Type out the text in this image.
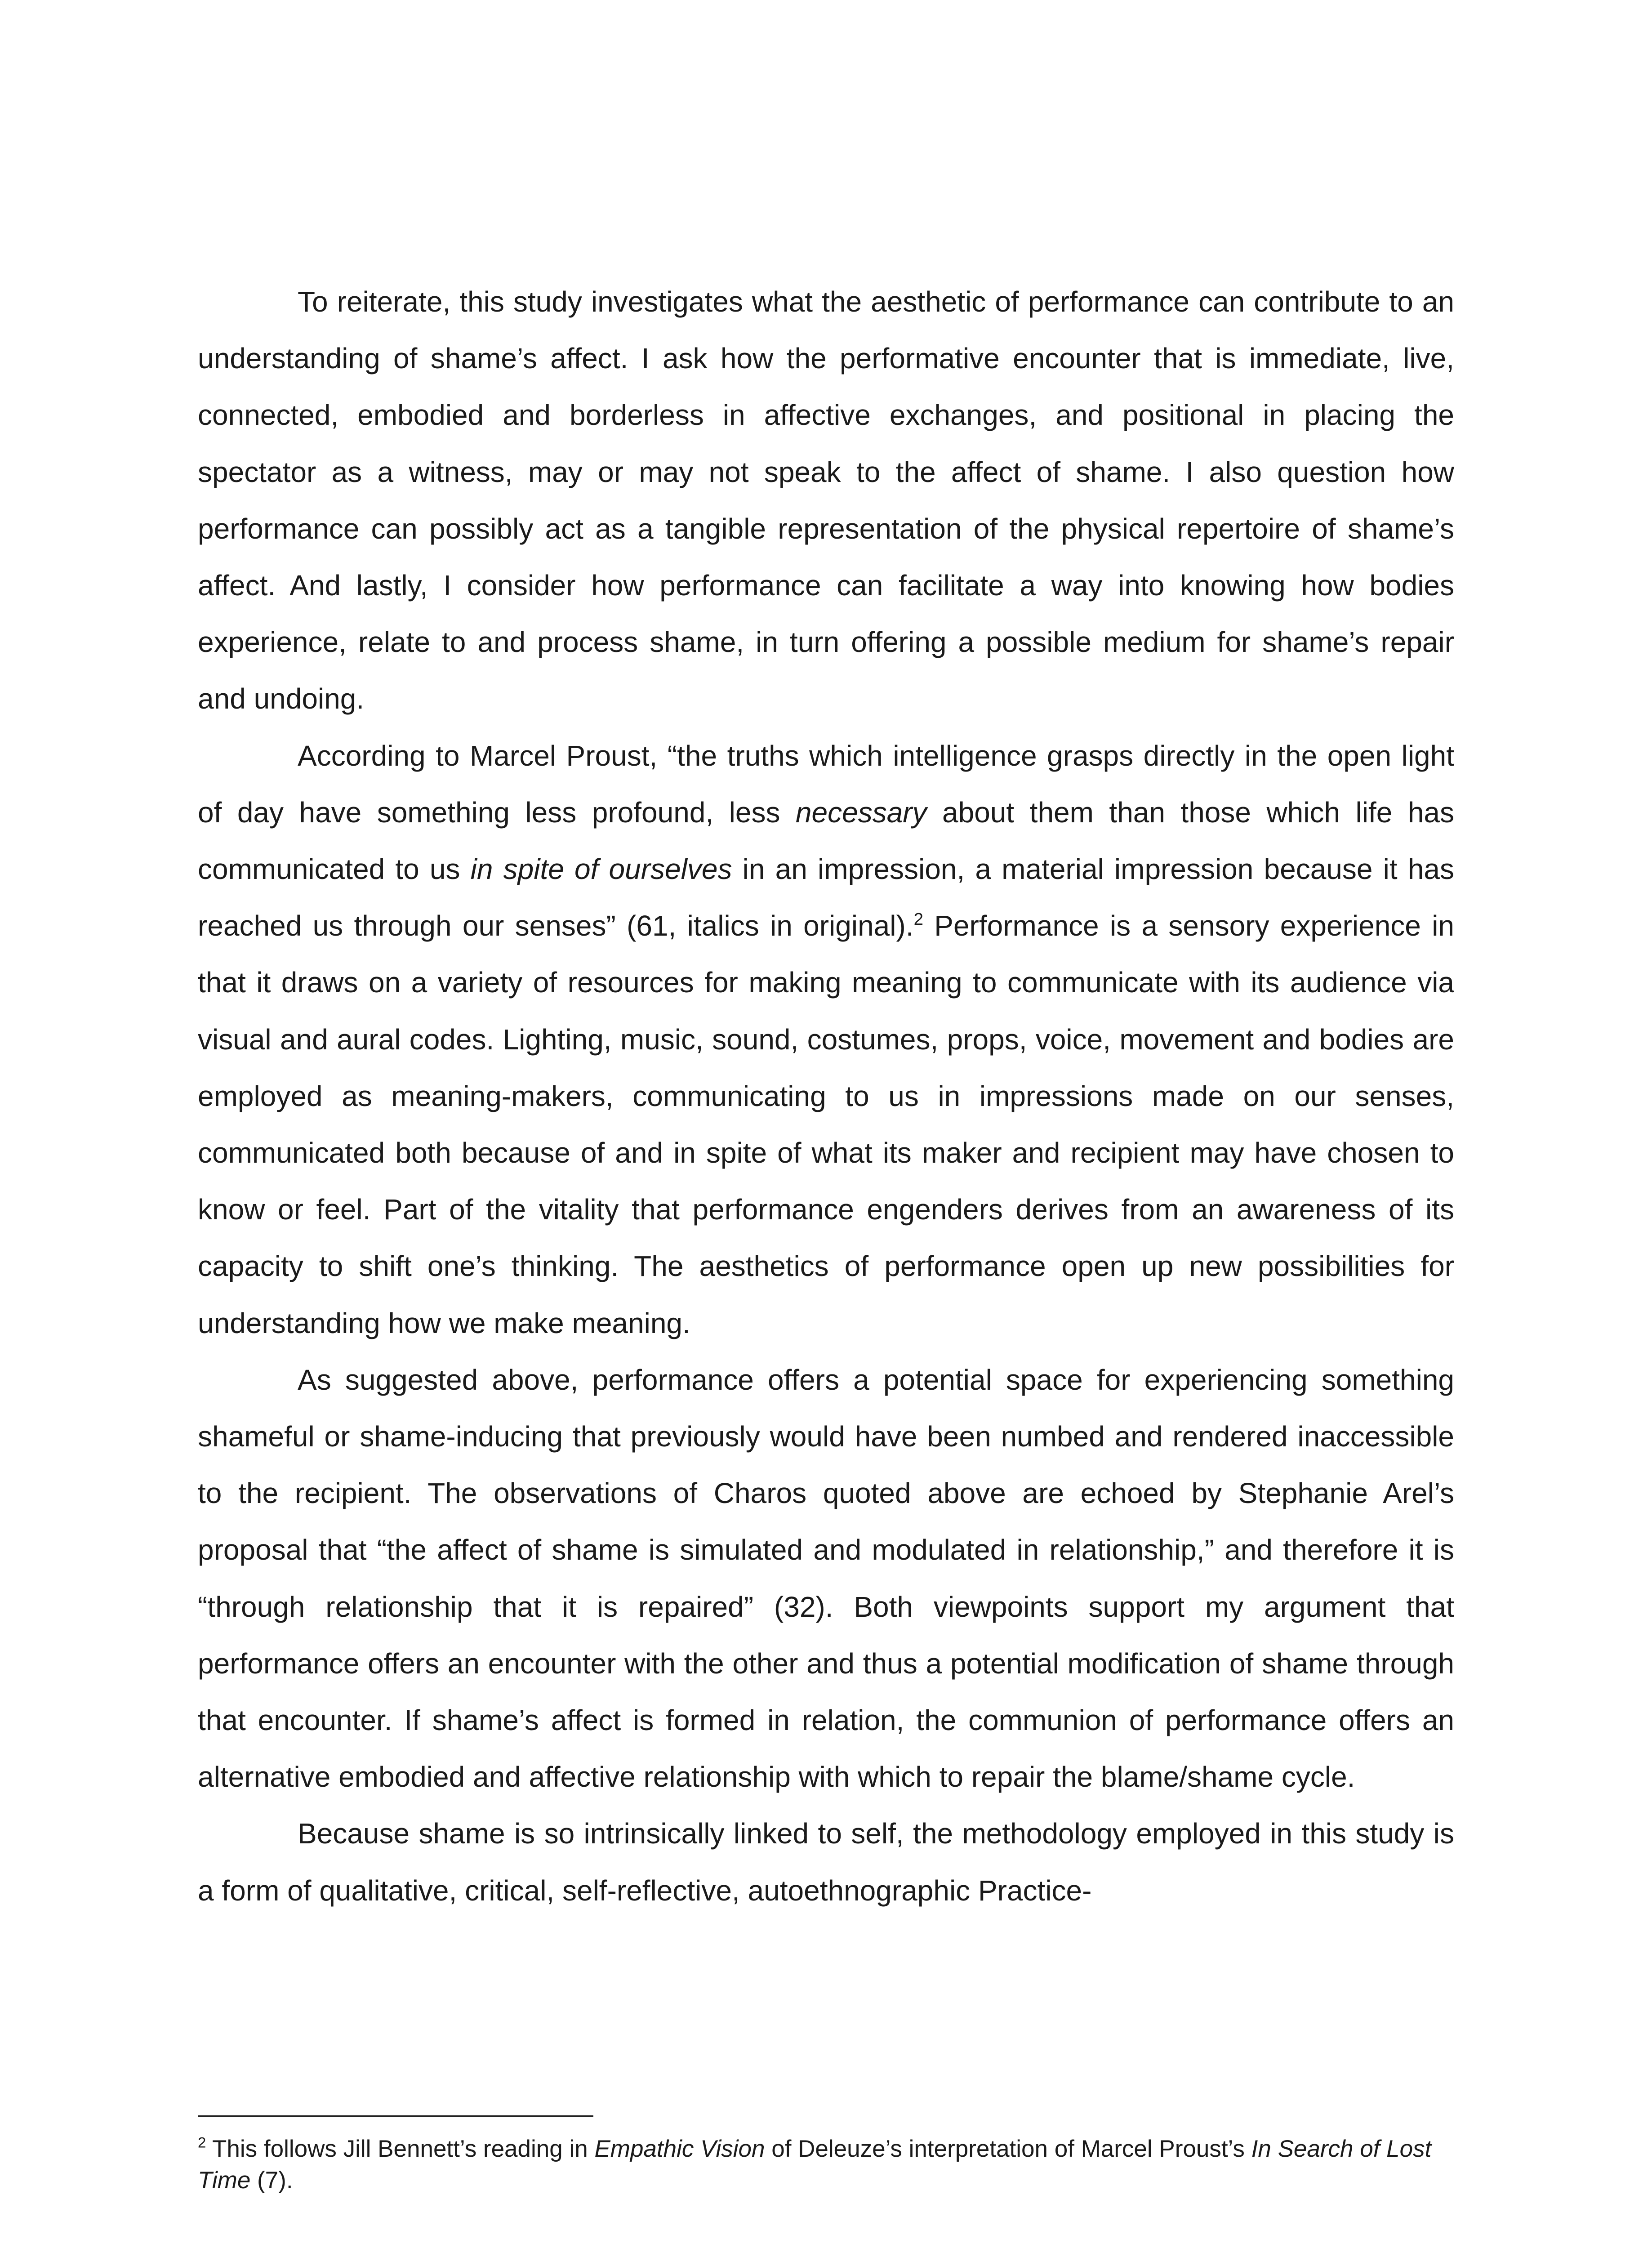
To reiterate, this study investigates what the aesthetic of performance can contribute to an understanding of shame’s affect. I ask how the performative encounter that is immediate, live, connected, embodied and borderless in affective exchanges, and positional in placing the spectator as a witness, may or may not speak to the affect of shame. I also question how performance can possibly act as a tangible representation of the physical repertoire of shame’s affect. And lastly, I consider how performance can facilitate a way into knowing how bodies experience, relate to and process shame, in turn offering a possible medium for shame’s repair and undoing.

According to Marcel Proust, “the truths which intelligence grasps directly in the open light of day have something less profound, less necessary about them than those which life has communicated to us in spite of ourselves in an impression, a material impression because it has reached us through our senses” (61, italics in original).$^2$ Performance is a sensory experience in that it draws on a variety of resources for making meaning to communicate with its audience via visual and aural codes. Lighting, music, sound, costumes, props, voice, movement and bodies are employed as meaning-makers, communicating to us in impressions made on our senses, communicated both because of and in spite of what its maker and recipient may have chosen to know or feel. Part of the vitality that performance engenders derives from an awareness of its capacity to shift one’s thinking. The aesthetics of performance open up new possibilities for understanding how we make meaning.

As suggested above, performance offers a potential space for experiencing something shameful or shame-inducing that previously would have been numbed and rendered inaccessible to the recipient. The observations of Charos quoted above are echoed by Stephanie Arel’s proposal that “the affect of shame is simulated and modulated in relationship,” and therefore it is “through relationship that it is repaired” (32). Both viewpoints support my argument that performance offers an encounter with the other and thus a potential modification of shame through that encounter. If shame’s affect is formed in relation, the communion of performance offers an alternative embodied and affective relationship with which to repair the blame/shame cycle.

Because shame is so intrinsically linked to self, the methodology employed in this study is a form of qualitative, critical, self-reflective, autoethnographic Practice-

$^2$ This follows Jill Bennett’s reading in Empathic Vision of Deleuze’s interpretation of Marcel Proust’s In Search of Lost Time (7).
